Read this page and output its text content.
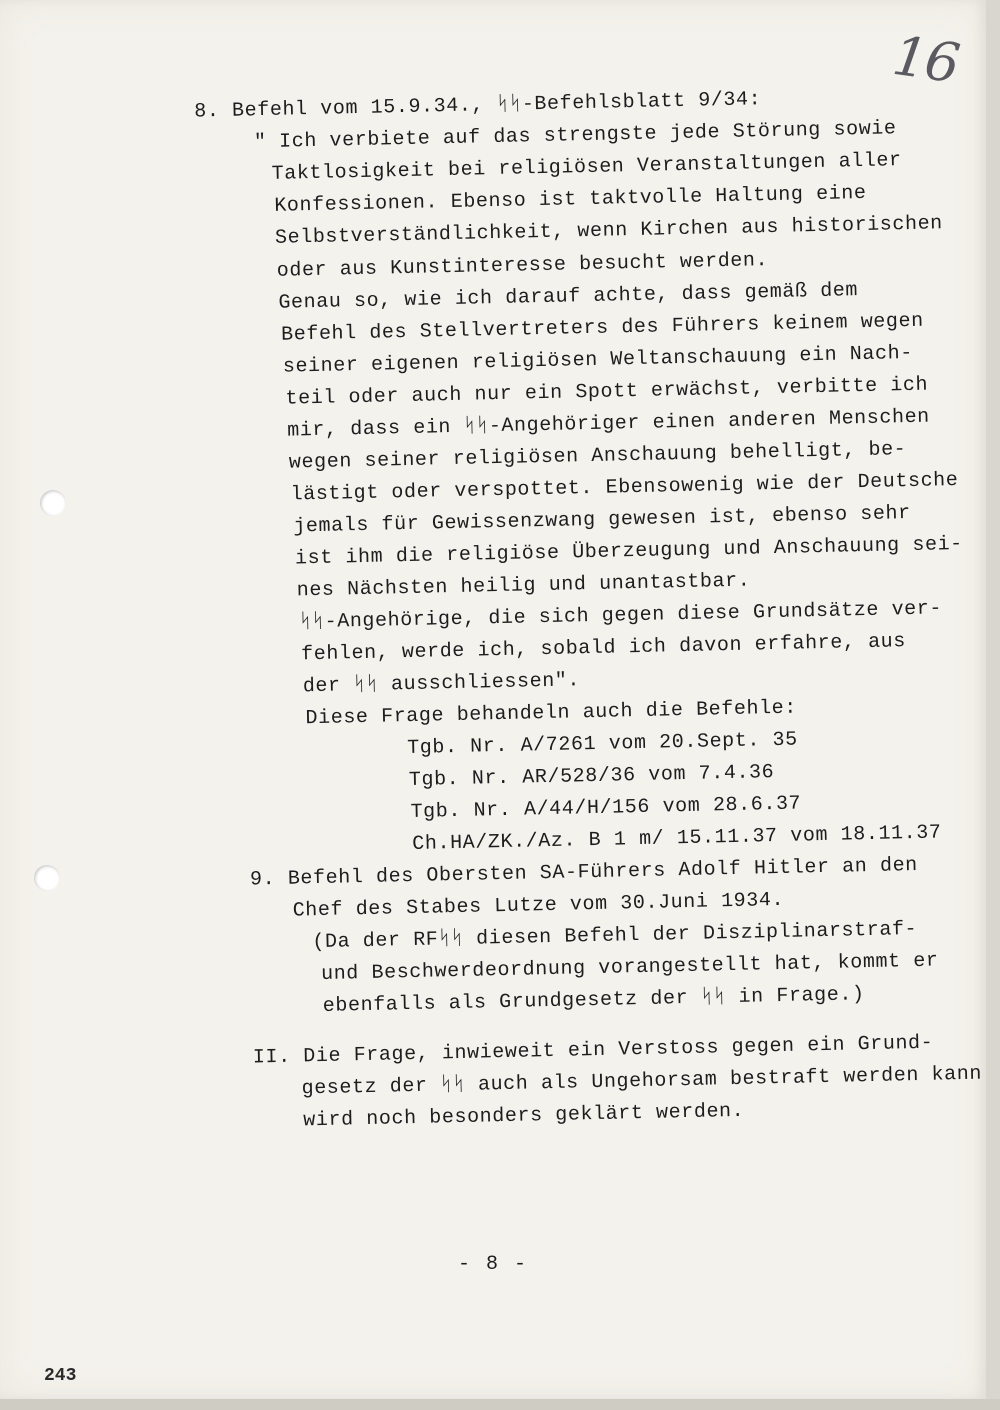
16
8. Befehl vom 15.9.34., ᛋᛋ-Befehlsblatt 9/34:
" Ich verbiete auf das strengste jede Störung sowie
Taktlosigkeit bei religiösen Veranstaltungen aller
Konfessionen. Ebenso ist taktvolle Haltung eine
Selbstverständlichkeit, wenn Kirchen aus historischen
oder aus Kunstinteresse besucht werden.
Genau so, wie ich darauf achte, dass gemäß dem
Befehl des Stellvertreters des Führers keinem wegen
seiner eigenen religiösen Weltanschauung ein Nach-
teil oder auch nur ein Spott erwächst, verbitte ich
mir, dass ein ᛋᛋ-Angehöriger einen anderen Menschen
wegen seiner religiösen Anschauung behelligt, be-
lästigt oder verspottet. Ebensowenig wie der Deutsche
jemals für Gewissenzwang gewesen ist, ebenso sehr
ist ihm die religiöse Überzeugung und Anschauung sei-
nes Nächsten heilig und unantastbar.
ᛋᛋ-Angehörige, die sich gegen diese Grundsätze ver-
fehlen, werde ich, sobald ich davon erfahre, aus
der ᛋᛋ ausschliessen".
Diese Frage behandeln auch die Befehle:
Tgb. Nr. A/7261 vom 20.Sept. 35
Tgb. Nr. AR/528/36 vom 7.4.36
Tgb. Nr. A/44/H/156 vom 28.6.37
Ch.HA/ZK./Az. B 1 m/ 15.11.37 vom 18.11.37
9. Befehl des Obersten SA-Führers Adolf Hitler an den
Chef des Stabes Lutze vom 30.Juni 1934.
(Da der RFᛋᛋ diesen Befehl der Disziplinarstraf-
und Beschwerdeordnung vorangestellt hat, kommt er
ebenfalls als Grundgesetz der ᛋᛋ in Frage.)
II. Die Frage, inwieweit ein Verstoss gegen ein Grund-
gesetz der ᛋᛋ auch als Ungehorsam bestraft werden kann
wird noch besonders geklärt werden.
- 8 -
243
